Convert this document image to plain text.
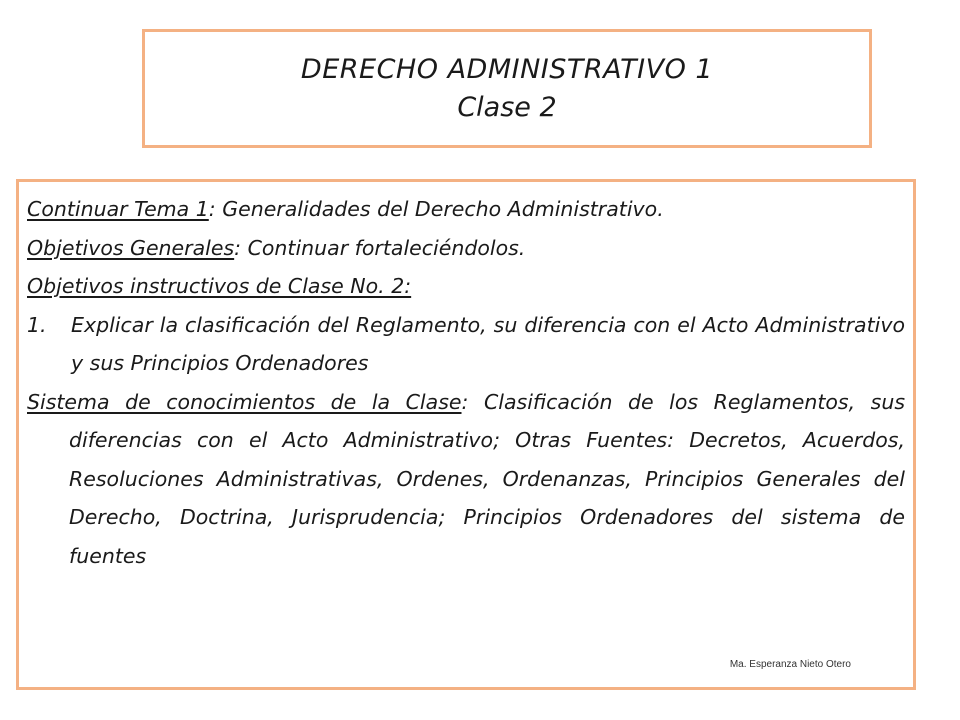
DERECHO ADMINISTRATIVO 1
Clase 2

Continuar Tema 1: Generalidades del Derecho Administrativo.

Objetivos Generales: Continuar fortaleciéndolos.

Objetivos instructivos de Clase No. 2:

1.	Explicar la clasificación del Reglamento, su diferencia con el Acto Administrativo y sus Principios Ordenadores

Sistema de conocimientos de la Clase: Clasificación de los Reglamentos, sus diferencias con el Acto Administrativo; Otras Fuentes: Decretos, Acuerdos, Resoluciones Administrativas, Ordenes, Ordenanzas, Principios Generales del Derecho, Doctrina, Jurisprudencia; Principios Ordenadores del sistema de fuentes

Ma. Esperanza Nieto Otero
